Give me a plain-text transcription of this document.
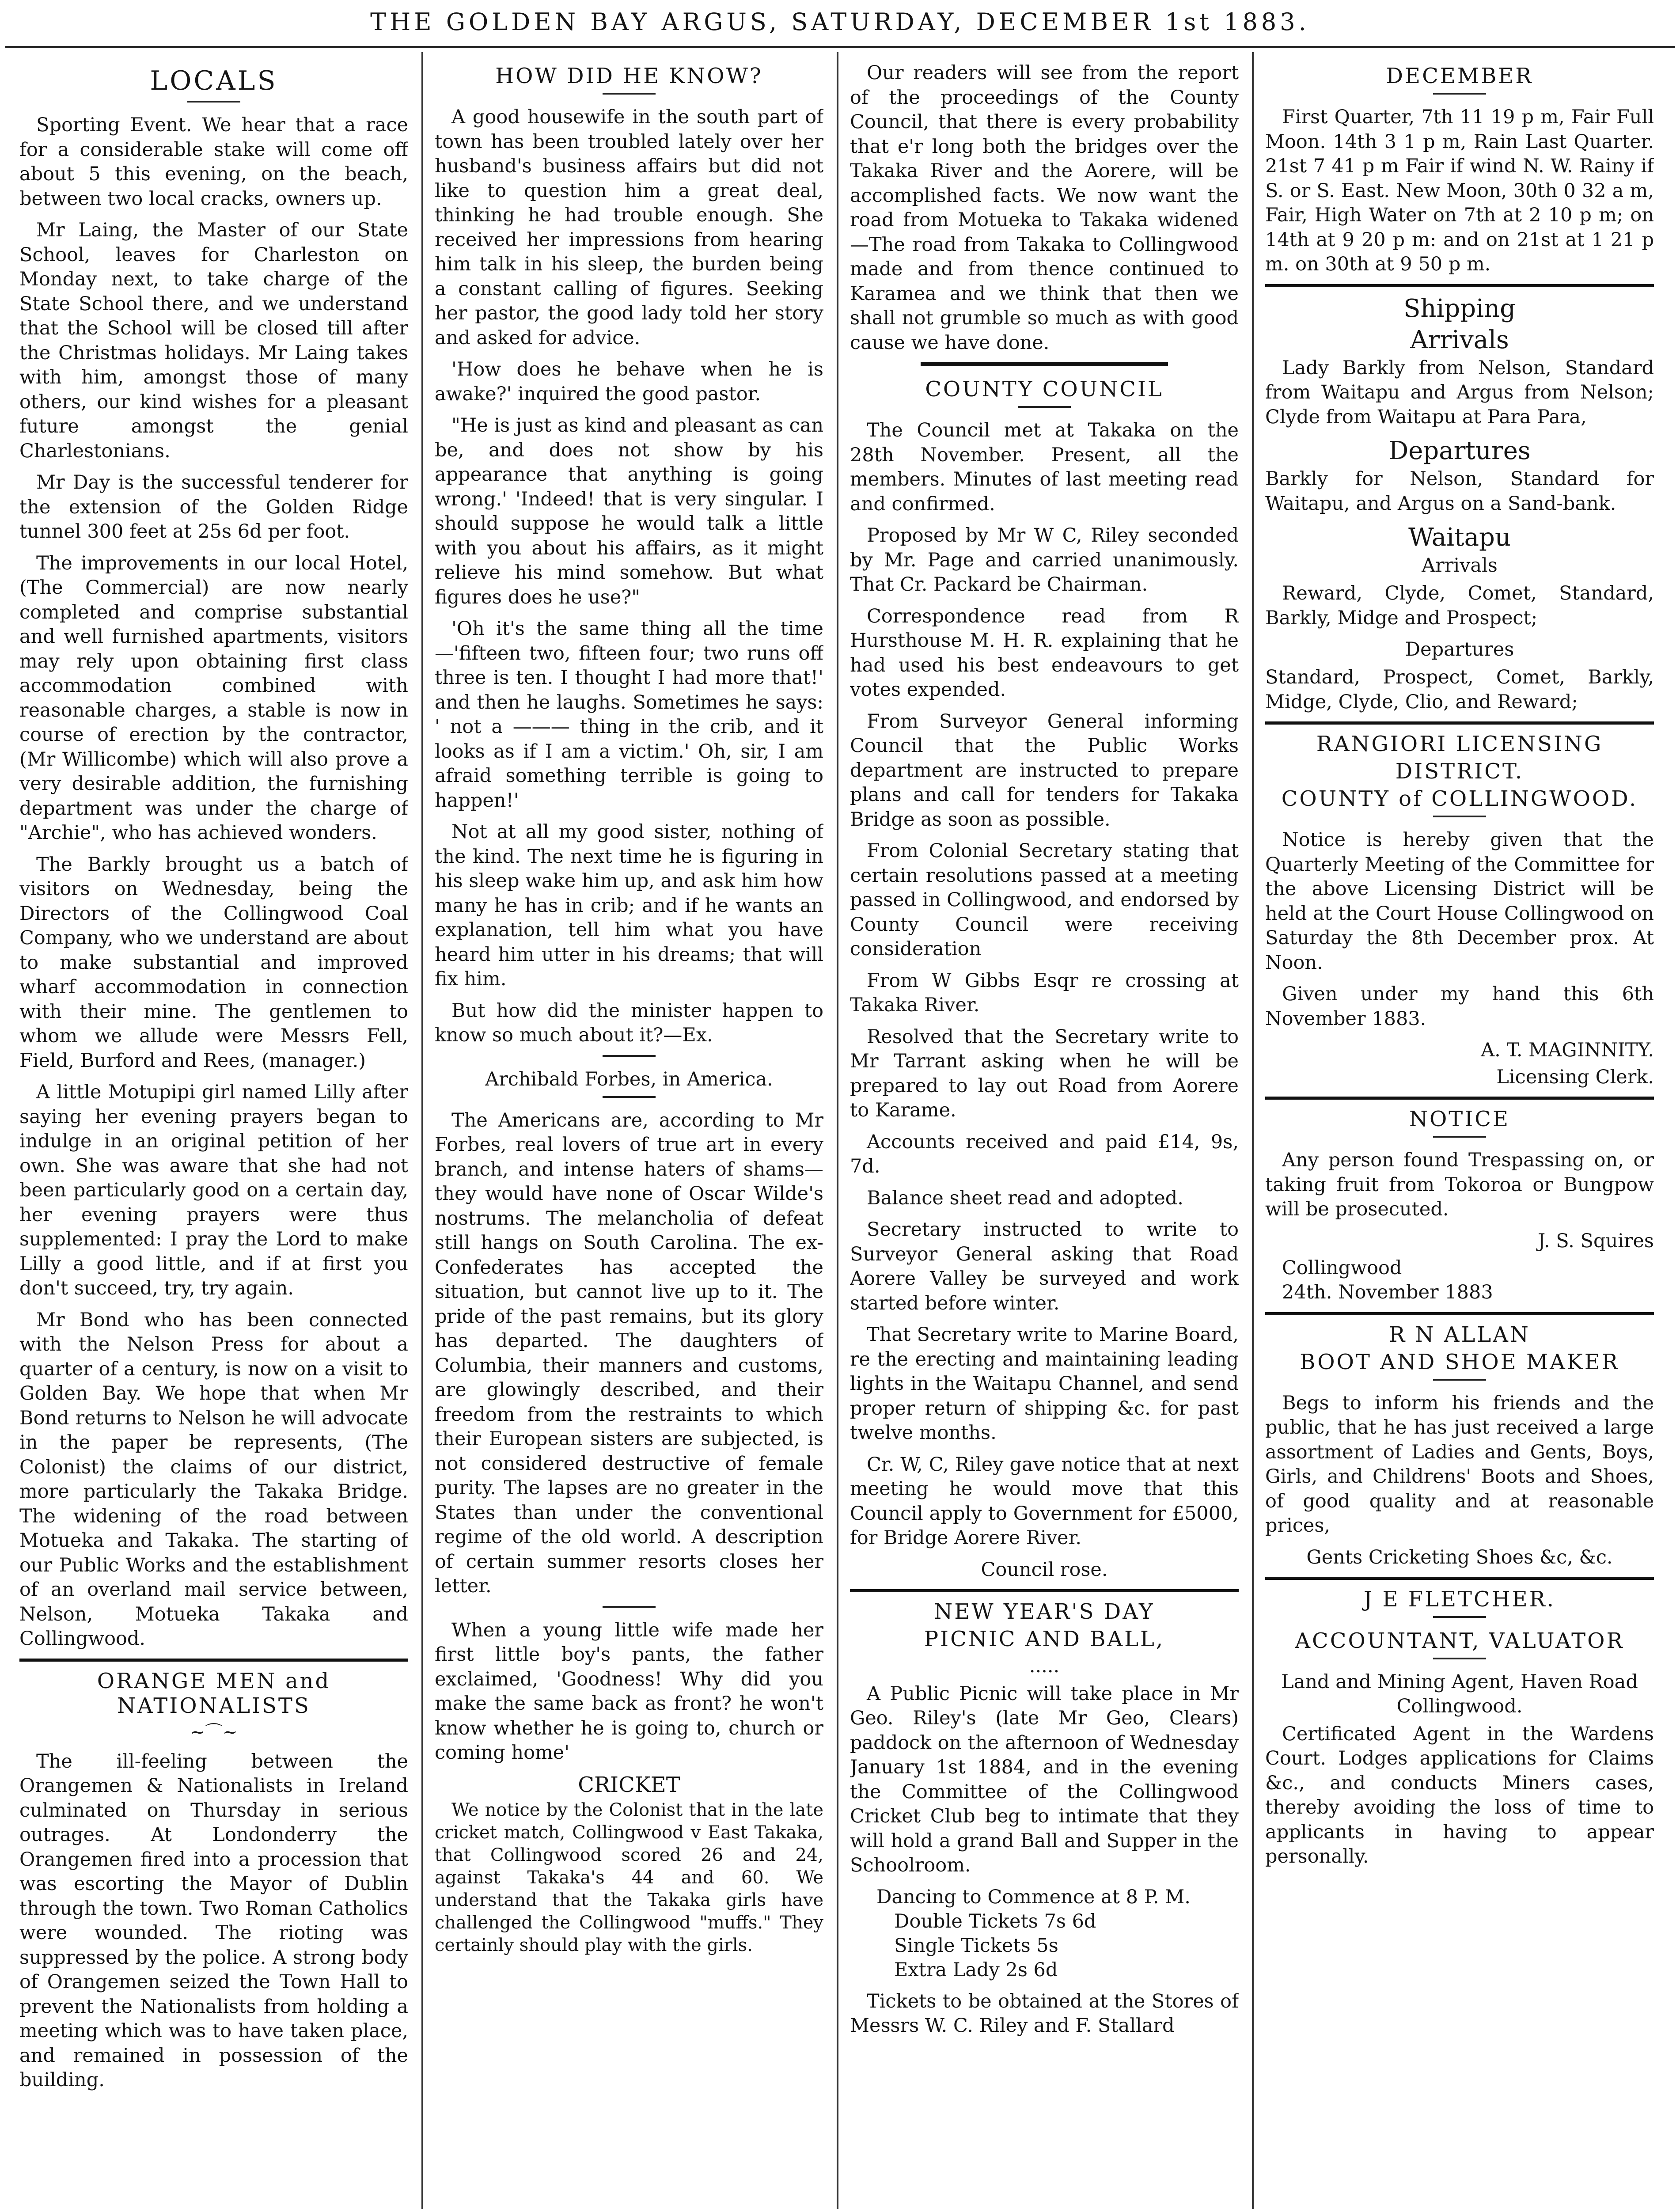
THE GOLDEN BAY ARGUS, SATURDAY, DECEMBER 1st 1883.
LOCALS

Sporting Event. We hear that a race for a considerable stake will come off about 5 this evening, on the beach, between two local cracks, owners up.

Mr Laing, the Master of our State School, leaves for Charleston on Monday next, to take charge of the State School there, and we understand that the School will be closed till after the Christmas holidays. Mr Laing takes with him, amongst those of many others, our kind wishes for a pleasant future amongst the genial Charlestonians.

Mr Day is the successful tenderer for the extension of the Golden Ridge tunnel 300 feet at 25s 6d per foot.

The improvements in our local Hotel, (The Commercial) are now nearly completed and comprise substantial and well furnished apartments, visitors may rely upon obtaining first class accommodation combined with reasonable charges, a stable is now in course of erection by the contractor, (Mr Willicombe) which will also prove a very desirable addition, the furnishing department was under the charge of "Archie", who has achieved wonders.

The Barkly brought us a batch of visitors on Wednesday, being the Directors of the Collingwood Coal Company, who we understand are about to make substantial and improved wharf accommodation in connection with their mine. The gentlemen to whom we allude were Messrs Fell, Field, Burford and Rees, (manager.)

A little Motupipi girl named Lilly after saying her evening prayers began to indulge in an original petition of her own. She was aware that she had not been particularly good on a certain day, her evening prayers were thus supplemented: I pray the Lord to make Lilly a good little, and if at first you don't succeed, try, try again.

Mr Bond who has been connected with the Nelson Press for about a quarter of a century, is now on a visit to Golden Bay. We hope that when Mr Bond returns to Nelson he will advocate in the paper be represents, (The Colonist) the claims of our district, more particularly the Takaka Bridge. The widening of the road between Motueka and Takaka. The starting of our Public Works and the establishment of an overland mail service between, Nelson, Motueka Takaka and Collingwood.

ORANGE MEN and NATIONALISTS
~⌒~

The ill-feeling between the Orangemen & Nationalists in Ireland culminated on Thursday in serious outrages. At Londonderry the Orangemen fired into a procession that was escorting the Mayor of Dublin through the town. Two Roman Catholics were wounded. The rioting was suppressed by the police. A strong body of Orangemen seized the Town Hall to prevent the Nationalists from holding a meeting which was to have taken place, and remained in possession of the building.

HOW DID HE KNOW?

A good housewife in the south part of town has been troubled lately over her husband's business affairs but did not like to question him a great deal, thinking he had trouble enough. She received her impressions from hearing him talk in his sleep, the burden being a constant calling of figures. Seeking her pastor, the good lady told her story and asked for advice.

'How does he behave when he is awake?' inquired the good pastor.

"He is just as kind and pleasant as can be, and does not show by his appearance that anything is going wrong.' 'Indeed! that is very singular. I should suppose he would talk a little with you about his affairs, as it might relieve his mind somehow. But what figures does he use?"

'Oh it's the same thing all the time—'fifteen two, fifteen four; two runs off three is ten. I thought I had more that!' and then he laughs. Sometimes he says: ' not a ——— thing in the crib, and it looks as if I am a victim.' Oh, sir, I am afraid something terrible is going to happen!'

Not at all my good sister, nothing of the kind. The next time he is figuring in his sleep wake him up, and ask him how many he has in crib; and if he wants an explanation, tell him what you have heard him utter in his dreams; that will fix him.

But how did the minister happen to know so much about it?—Ex.

Archibald Forbes, in America.

The Americans are, according to Mr Forbes, real lovers of true art in every branch, and intense haters of shams—they would have none of Oscar Wilde's nostrums. The melancholia of defeat still hangs on South Carolina. The ex-Confederates has accepted the situation, but cannot live up to it. The pride of the past remains, but its glory has departed. The daughters of Columbia, their manners and customs, are glowingly described, and their freedom from the restraints to which their European sisters are subjected, is not considered destructive of female purity. The lapses are no greater in the States than under the conventional regime of the old world. A description of certain summer resorts closes her letter.

When a young little wife made her first little boy's pants, the father exclaimed, 'Goodness! Why did you make the same back as front? he won't know whether he is going to, church or coming home'

CRICKET

We notice by the Colonist that in the late cricket match, Collingwood v East Takaka, that Collingwood scored 26 and 24, against Takaka's 44 and 60. We understand that the Takaka girls have challenged the Collingwood "muffs." They certainly should play with the girls.

Our readers will see from the report of the proceedings of the County Council, that there is every probability that e'r long both the bridges over the Takaka River and the Aorere, will be accomplished facts. We now want the road from Motueka to Takaka widened—The road from Takaka to Collingwood made and from thence continued to Karamea and we think that then we shall not grumble so much as with good cause we have done.

COUNTY COUNCIL

The Council met at Takaka on the 28th November. Present, all the members. Minutes of last meeting read and confirmed.

Proposed by Mr W C, Riley seconded by Mr. Page and carried unanimously. That Cr. Packard be Chairman.

Correspondence read from R Hursthouse M. H. R. explaining that he had used his best endeavours to get votes expended.

From Surveyor General informing Council that the Public Works department are instructed to prepare plans and call for tenders for Takaka Bridge as soon as possible.

From Colonial Secretary stating that certain resolutions passed at a meeting passed in Collingwood, and endorsed by County Council were receiving consideration

From W Gibbs Esqr re crossing at Takaka River.

Resolved that the Secretary write to Mr Tarrant asking when he will be prepared to lay out Road from Aorere to Karame.

Accounts received and paid £14, 9s, 7d.

Balance sheet read and adopted.

Secretary instructed to write to Surveyor General asking that Road Aorere Valley be surveyed and work started before winter.

That Secretary write to Marine Board, re the erecting and maintaining leading lights in the Waitapu Channel, and send proper return of shipping &c. for past twelve months.

Cr. W, C, Riley gave notice that at next meeting he would move that this Council apply to Government for £5000, for Bridge Aorere River.

Council rose.
NEW YEAR'S DAY
PICNIC AND BALL,
.....

A Public Picnic will take place in Mr Geo. Riley's (late Mr Geo, Clears) paddock on the afternoon of Wednesday January 1st 1884, and in the evening the Committee of the Collingwood Cricket Club beg to intimate that they will hold a grand Ball and Supper in the Schoolroom.

Dancing to Commence at 8 P. M.
Double Tickets 7s 6d
Single Tickets 5s
Extra Lady 2s 6d

Tickets to be obtained at the Stores of Messrs W. C. Riley and F. Stallard

DECEMBER

First Quarter, 7th 11 19 p m, Fair Full Moon. 14th 3 1 p m, Rain Last Quarter. 21st 7 41 p m Fair if wind N. W. Rainy if S. or S. East. New Moon, 30th 0 32 a m, Fair, High Water on 7th at 2 10 p m; on 14th at 9 20 p m: and on 21st at 1 21 p m. on 30th at 9 50 p m.

Shipping
Arrivals

Lady Barkly from Nelson, Standard from Waitapu and Argus from Nelson; Clyde from Waitapu at Para Para,

Departures

Barkly for Nelson, Standard for Waitapu, and Argus on a Sand-bank.

Waitapu
Arrivals

Reward, Clyde, Comet, Standard, Barkly, Midge and Prospect;

Departures

Standard, Prospect, Comet, Barkly, Midge, Clyde, Clio, and Reward;

RANGIORI LICENSING
DISTRICT.
COUNTY of COLLINGWOOD.

Notice is hereby given that the Quarterly Meeting of the Committee for the above Licensing District will be held at the Court House Collingwood on Saturday the 8th December prox. At Noon.

Given under my hand this 6th November 1883.

A. T. MAGINNITY.
Licensing Clerk.
NOTICE

Any person found Trespassing on, or taking fruit from Tokoroa or Bungpow will be prosecuted.

J. S. Squires

Collingwood

24th. November 1883

R N ALLAN
BOOT AND SHOE MAKER

Begs to inform his friends and the public, that he has just received a large assortment of Ladies and Gents, Boys, Girls, and Childrens' Boots and Shoes, of good quality and at reasonable prices,

Gents Cricketing Shoes &c, &c.
J E FLETCHER.
ACCOUNTANT, VALUATOR
Land and Mining Agent, Haven Road Collingwood.

Certificated Agent in the Wardens Court. Lodges applications for Claims &c., and conducts Miners cases, thereby avoiding the loss of time to applicants in having to appear personally.
